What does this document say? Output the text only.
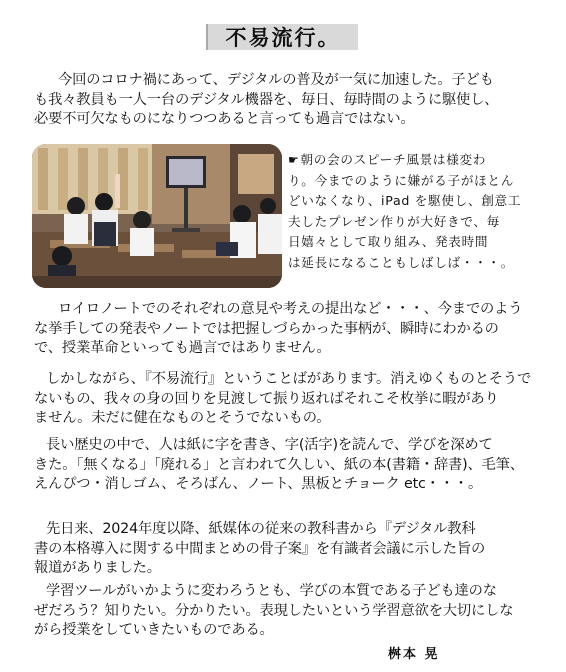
不易流行。
今回のコロナ禍にあって、デジタルの普及が一気に加速した。子ども
も我々教員も一人一台のデジタル機器を、毎日、毎時間のように駆使し、
必要不可欠なものになりつつあると言っても過言ではない。
☛朝の会のスピーチ風景は様変わ
り。今までのように嫌がる子がほとん
どいなくなり、iPad を駆使し、創意工
夫したプレゼン作りが大好きで、毎
日嬉々として取り組み、発表時間
は延長になることもしばしば・・・。
ロイロノートでのそれぞれの意見や考えの提出など・・・、今までのよう
な挙手しての発表やノートでは把握しづらかった事柄が、瞬時にわかるの
で、授業革命といっても過言ではありません。
しかしながら、『不易流行』ということばがあります。消えゆくものとそうで
ないもの、我々の身の回りを見渡して振り返ればそれこそ枚挙に暇があり
ません。未だに健在なものとそうでないもの。
長い歴史の中で、人は紙に字を書き、字(活字)を読んで、学びを深めて
きた。「無くなる」「廃れる」と言われて久しい、紙の本(書籍・辞書)、毛筆、
えんぴつ・消しゴム、そろばん、ノート、黒板とチョーク etc・・・。
先日来、2024年度以降、紙媒体の従来の教科書から『デジタル教科
書の本格導入に関する中間まとめの骨子案』を有識者会議に示した旨の
報道がありました。
学習ツールがいかように変わろうとも、学びの本質である子ども達のな
ぜだろう？知りたい。分かりたい。表現したいという学習意欲を大切にしな
がら授業をしていきたいものである。
桝本 晃
